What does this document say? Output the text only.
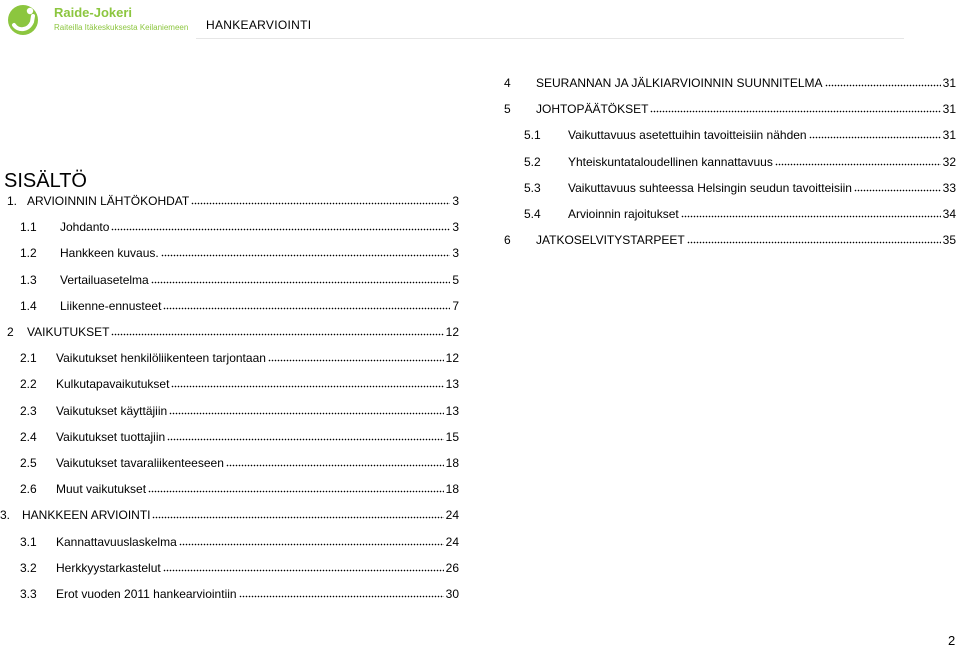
Raide-Jokeri
Raiteilla Itäkeskuksesta Keilaniemeen HANKEARVIOINTI
SISÄLTÖ
1. ARVIOINNIN LÄHTÖKOHDAT	3
1.1	Johdanto	3
1.2	Hankkeen kuvaus.	3
1.3	Vertailuasetelma	5
1.4	Liikenne-ennusteet	7
2	VAIKUTUKSET	12
2.1	Vaikutukset henkilöliikenteen tarjontaan	12
2.2	Kulkutapavaikutukset	13
2.3	Vaikutukset käyttäjiin	13
2.4	Vaikutukset tuottajiin	15
2.5	Vaikutukset tavaraliikenteeseen	18
2.6	Muut vaikutukset	18
3. HANKKEEN ARVIOINTI	24
3.1	Kannattavuuslaskelma	24
3.2	Herkkyystarkastelut	26
3.3	Erot vuoden 2011 hankearviointiin	30
4	SEURANNAN JA JÄLKIARVIOINNIN SUUNNITELMA	31
5	JOHTOPÄÄTÖKSET	31
5.1	Vaikuttavuus asetettuihin tavoitteisiin nähden	31
5.2	Yhteiskuntataloudellinen kannattavuus	32
5.3	Vaikuttavuus suhteessa Helsingin seudun tavoitteisiin	33
5.4	Arvioinnin rajoitukset	34
6	JATKOSELVITYSTARPEET	35
2
